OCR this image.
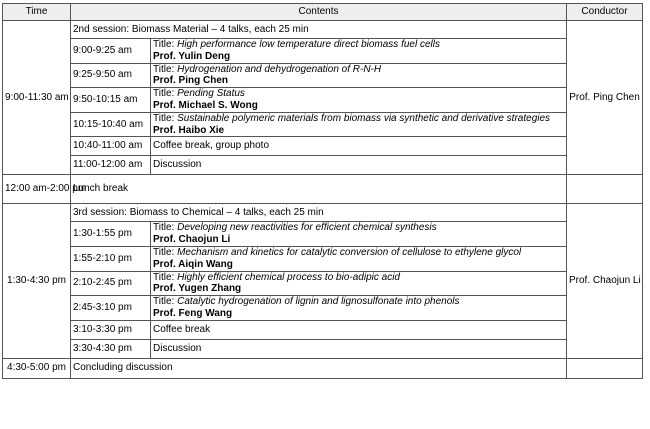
Time	Contents		Conductor
9:00-11:30 am	2nd session: Biomass Material – 4 talks, each 25 min		Prof. Ping Chen
	9:00-9:25 am	Title: High performance low temperature direct biomass fuel cells
Prof. Yulin Deng	

	9:25-9:50 am	Title: Hydrogenation and dehydrogenation of R-N-H
Prof. Ping Chen	

	9:50-10:15 am	Title: Pending Status
Prof. Michael S. Wong	

	10:15-10:40 am	Title: Sustainable polymeric materials from biomass via synthetic and derivative strategies
Prof. Haibo Xie	

	10:40-11:00 am	Coffee break, group photo	
	11:00-12:00 am	Discussion	
12:00 am-2:00 pm	Lunch break		
1:30-4:30 pm	3rd session: Biomass to Chemical – 4 talks, each 25 min		Prof. Chaojun Li
	1:30-1:55 pm	Title: Developing new reactivities for efficient chemical synthesis
Prof. Chaojun Li	

	1:55-2:10 pm	Title: Mechanism and kinetics for catalytic conversion of cellulose to ethylene glycol
Prof. Aiqin Wang	

	2:10-2:45 pm	Title: Highly efficient chemical process to bio-adipic acid
Prof. Yugen Zhang	

	2:45-3:10 pm	Title: Catalytic hydrogenation of lignin and lignosulfonate into phenols
Prof. Feng Wang	

	3:10-3:30 pm	Coffee break	
	3:30-4:30 pm	Discussion	
4:30-5:00 pm	Concluding discussion		
